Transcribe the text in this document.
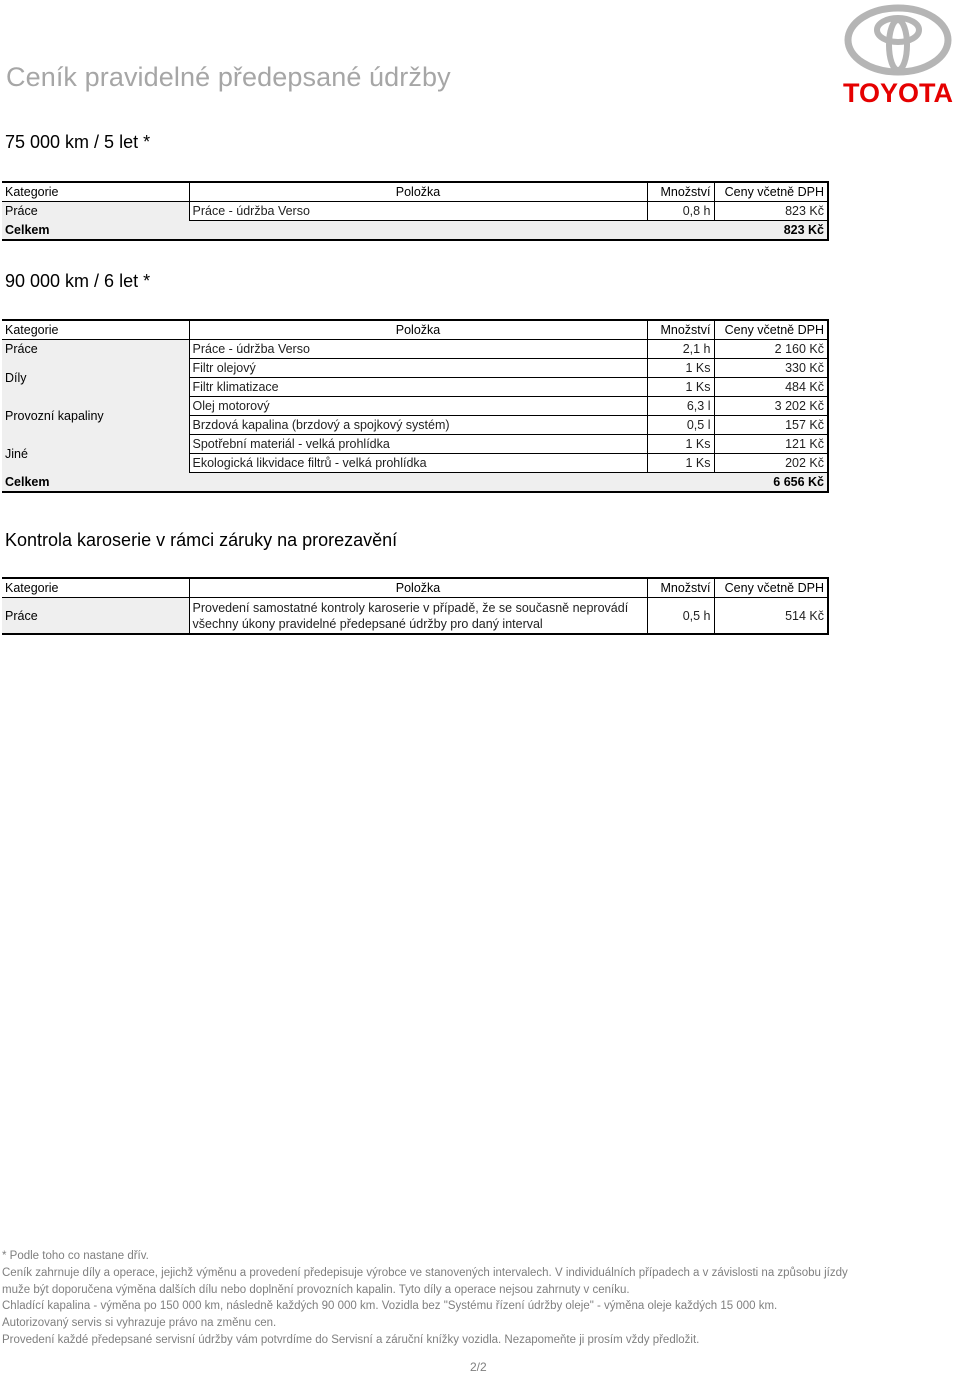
Ceník pravidelné předepsané údržby
TOYOTA
75 000 km / 5 let *
Kategorie	Položka	Množství	Ceny včetně DPH
Práce	Práce - údržba Verso	0,8 h	823 Kč
Celkem			823 Kč
90 000 km / 6 let *
Kategorie	Položka	Množství	Ceny včetně DPH
Práce	Práce - údržba Verso	2,1 h	2 160 Kč
Díly	Filtr olejový	1 Ks	330 Kč
	Filtr klimatizace	1 Ks	484 Kč
Provozní kapaliny	Olej motorový	6,3 l	3 202 Kč
	Brzdová kapalina (brzdový a spojkový systém)	0,5 l	157 Kč
Jiné	Spotřební materiál - velká prohlídka	1 Ks	121 Kč
	Ekologická likvidace filtrů - velká prohlídka	1 Ks	202 Kč
Celkem			6 656 Kč
Kontrola karoserie v rámci záruky na prorezavění
Kategorie	Položka	Množství	Ceny včetně DPH
Práce	Provedení samostatné kontroly karoserie v případě, že se současně neprovádí všechny úkony pravidelné předepsané údržby pro daný interval	0,5 h	514 Kč

* Podle toho co nastane dřív.

Ceník zahrnuje díly a operace, jejichž výměnu a provedení předepisuje výrobce ve stanovených intervalech. V individuálních případech a v závislosti na způsobu jízdy muže být doporučena výměna dalších dílu nebo doplnění provozních kapalin. Tyto díly a operace nejsou zahrnuty v ceníku.

Chladící kapalina - výměna po 150 000 km, následně každých 90 000 km. Vozidla bez "Systému řízení údržby oleje" - výměna oleje každých 15 000 km.

Autorizovaný servis si vyhrazuje právo na změnu cen.

Provedení každé předepsané servisní údržby vám potvrdíme do Servisní a záruční knížky vozidla. Nezapomeňte ji prosím vždy předložit.

2/2
